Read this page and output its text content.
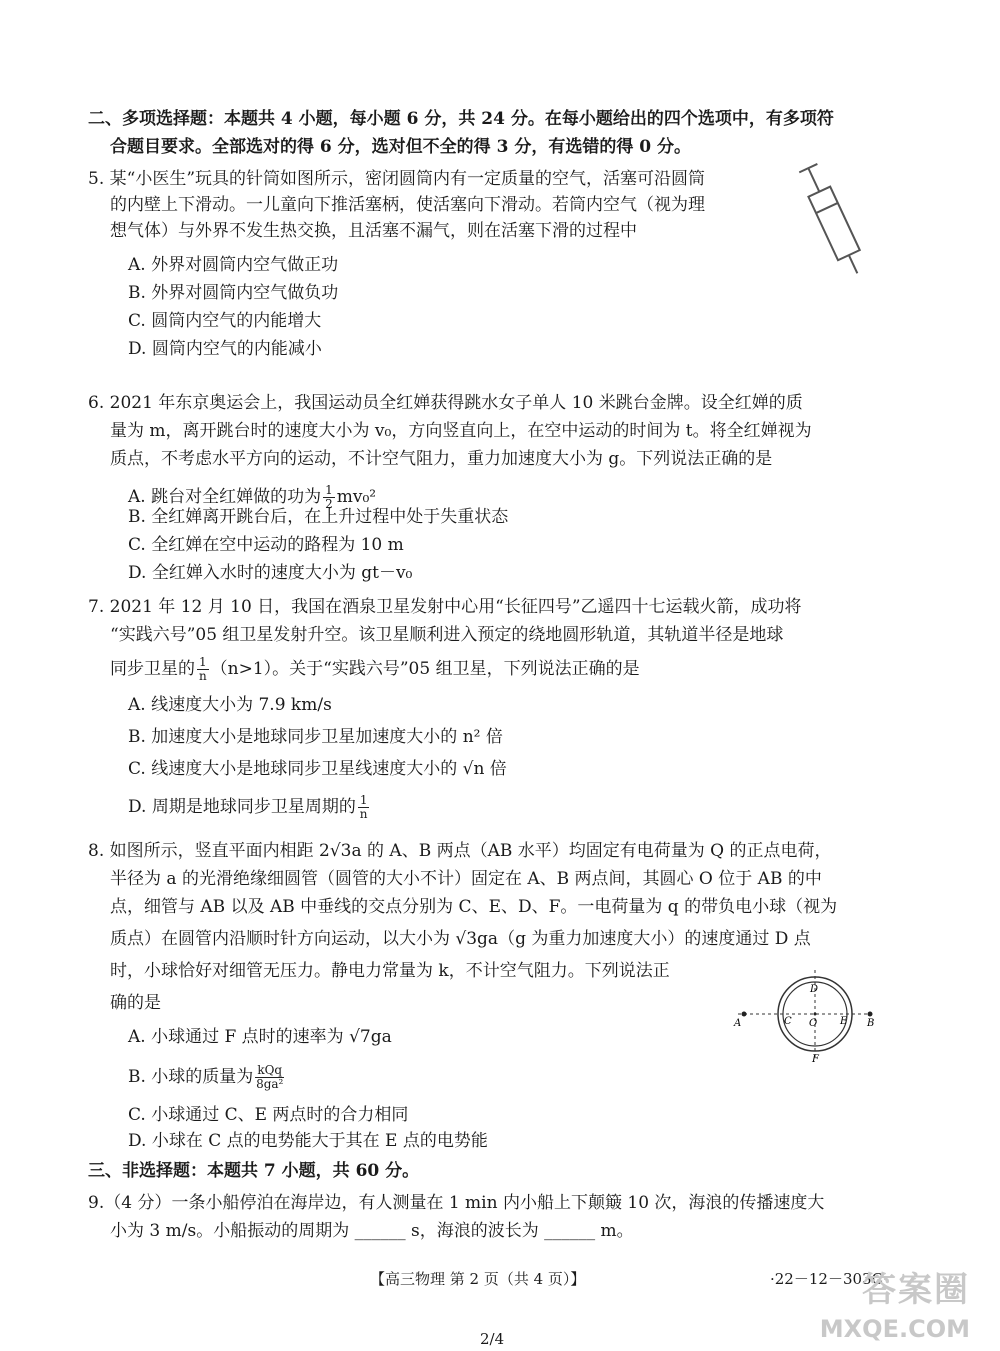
二、多项选择题：本题共 4 小题，每小题 6 分，共 24 分。在每小题给出的四个选项中，有多项符
合题目要求。全部选对的得 6 分，选对但不全的得 3 分，有选错的得 0 分。
5. 某“小医生”玩具的针筒如图所示，密闭圆筒内有一定质量的空气，活塞可沿圆筒
的内壁上下滑动。一儿童向下推活塞柄，使活塞向下滑动。若筒内空气（视为理
想气体）与外界不发生热交换，且活塞不漏气，则在活塞下滑的过程中
A. 外界对圆筒内空气做正功
B. 外界对圆筒内空气做负功
C. 圆筒内空气的内能增大
D. 圆筒内空气的内能减小
6. 2021 年东京奥运会上，我国运动员全红婵获得跳水女子单人 10 米跳台金牌。设全红婵的质
量为 m，离开跳台时的速度大小为 v₀，方向竖直向上，在空中运动的时间为 t。将全红婵视为
质点，不考虑水平方向的运动，不计空气阻力，重力加速度大小为 g。下列说法正确的是
A. 跳台对全红婵做的功为 $\frac{1}{2} mv_0^2$
B. 全红婵离开跳台后，在上升过程中处于失重状态
C. 全红婵在空中运动的路程为 10 m
D. 全红婵入水时的速度大小为 gt－v₀
7. 2021 年 12 月 10 日，我国在酒泉卫星发射中心用“长征四号”乙遥四十七运载火箭，成功将
“实践六号”05 组卫星发射升空。该卫星顺利进入预定的绕地圆形轨道，其轨道半径是地球
同步卫星的 $\frac{1}{n} (n>1)$。关于“实践六号”05 组卫星，下列说法正确的是
A. 线速度大小为 7.9 km/s
B. 加速度大小是地球同步卫星加速度大小的 n² 倍
C. 线速度大小是地球同步卫星线速度大小的 √n 倍
D. 周期是地球同步卫星周期的 $\frac{1}{n}$
8. 如图所示，竖直平面内相距 2√3a 的 A、B 两点（AB 水平）均固定有电荷量为 Q 的正点电荷，
半径为 a 的光滑绝缘细圆管（圆管的大小不计）固定在 A、B 两点间，其圆心 O 位于 AB 的中
点，细管与 AB 以及 AB 中垂线的交点分别为 C、E、D、F。一电荷量为 q 的带负电小球（视为
质点）在圆管内沿顺时针方向运动，以大小为 √3ga（g 为重力加速度大小）的速度通过 D 点
时，小球恰好对细管无压力。静电力常量为 k，不计空气阻力。下列说法正
确的是
A. 小球通过 F 点时的速率为 √7ga
B. 小球的质量为 $\frac{\text{kQq}}{\text{8ga²}}$
C. 小球通过 C、E 两点时的合力相同
D. 小球在 C 点的电势能大于其在 E 点的电势能
A	B
C	E
D
F
O
三、非选择题：本题共 7 小题，共 60 分。
9.（4 分）一条小船停泊在海岸边，有人测量在 1 min 内小船上下颠簸 10 次，海浪的传播速度大
小为 3 m/s。小船振动的周期为 ______ s，海浪的波长为 ______ m。
【高三物理 第 2 页（共 4 页）】	·22－12－303C·
2/4
答案圈
MXQE.COM
